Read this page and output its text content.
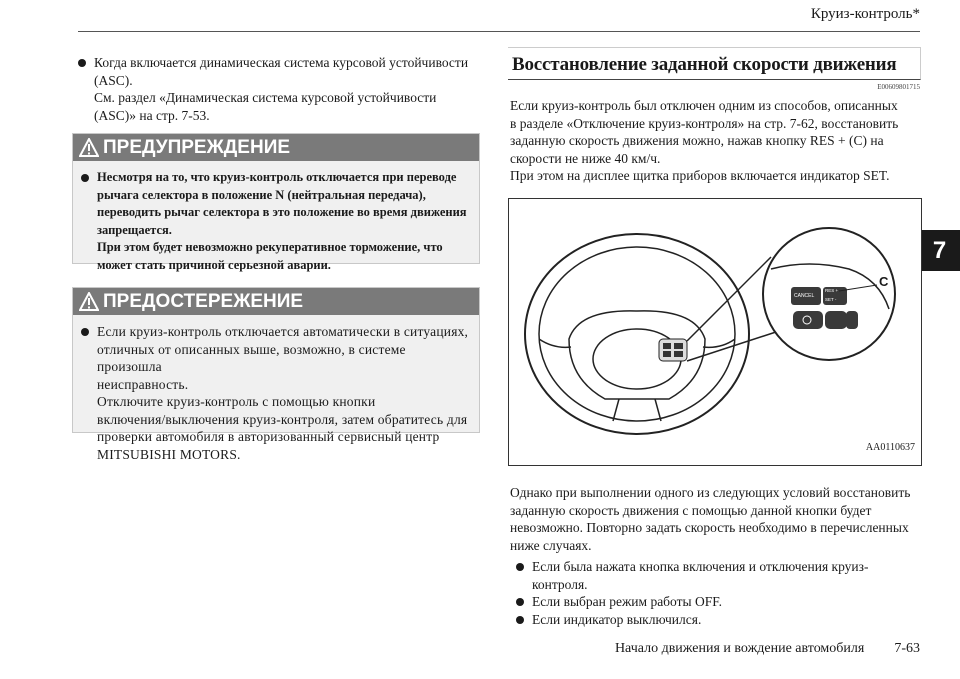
Круиз-контроль*
7
Когда включается динамическая система курсовой устойчивости
(ASC).
См. раздел «Динамическая система курсовой устойчивости
(ASC)» на стр. 7-53.
ПРЕДУПРЕЖДЕНИЕ
Несмотря на то, что круиз-контроль отключается при переводе
рычага селектора в положение N (нейтральная передача),
переводить рычаг селектора в это положение во время движения
запрещается.
При этом будет невозможно рекуперативное торможение, что
может стать причиной серьезной аварии.
ПРЕДОСТЕРЕЖЕНИЕ
Если круиз-контроль отключается автоматически в ситуациях,
отличных от описанных выше, возможно, в системе произошла
неисправность.
Отключите круиз-контроль с помощью кнопки
включения/выключения круиз-контроля, затем обратитесь для
проверки автомобиля в авторизованный сервисный центр
MITSUBISHI MOTORS.
Восстановление заданной скорости движения
E00609801715
Если круиз-контроль был отключен одним из способов, описанных
в разделе «Отключение круиз-контроля» на стр. 7-62, восстановить
заданную скорость движения можно, нажав кнопку RES + (C) на
скорости не ниже 40 км/ч.
При этом на дисплее щитка приборов включается индикатор SET.
CANCEL
RES +
SET -
C
AA0110637
Однако при выполнении одного из следующих условий восстановить
заданную скорость движения с помощью данной кнопки будет
невозможно. Повторно задать скорость необходимо в перечисленных
ниже случаях.
Если была нажата кнопка включения и отключения круиз-
контроля.
Если выбран режим работы OFF.
Если индикатор выключился.
Начало движения и вождение автомобиля 7-63
